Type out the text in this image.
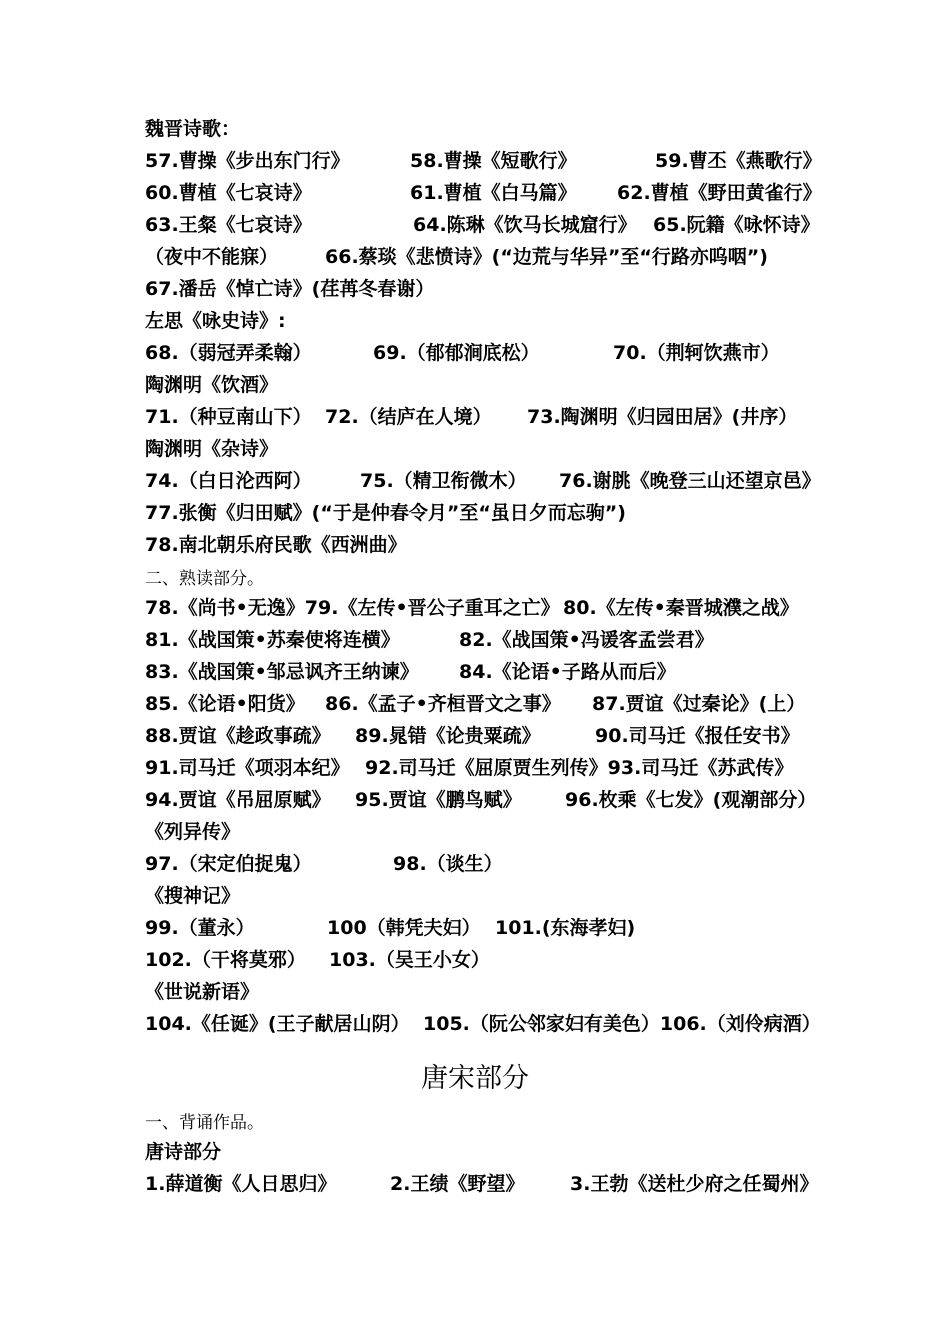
魏晋诗歌：
57.曹操《步出东门行》	58.曹操《短歌行》	59.曹丕《燕歌行》
60.曹植《七哀诗》	61.曹植《白马篇》 62.曹植《野田黄雀行》
63.王粲《七哀诗》	64.陈琳《饮马长城窟行》 65.阮籍《咏怀诗》
（夜中不能寐） 66.蔡琰《悲愤诗》(“边荒与华异”至“行路亦呜咽”)
67.潘岳《悼亡诗》(荏苒冬春谢）
左思《咏史诗》:
68.（弱冠弄柔翰）	69.（郁郁涧底松）	70.（荆轲饮燕市）
陶渊明《饮酒》
71.（种豆南山下） 72.（结庐在人境） 73.陶渊明《归园田居》(井序）
陶渊明《杂诗》
74.（白日沦西阿）	75.（精卫衔微木） 76.谢朓《晚登三山还望京邑》
77.张衡《归田赋》(“于是仲春令月”至“虽日夕而忘驹”)
78.南北朝乐府民歌《西洲曲》
二、熟读部分。
78.《尚书•无逸》79.《左传•晋公子重耳之亡》 80.《左传•秦晋城濮之战》
81.《战国策•苏秦使将连横》	82.《战国策•冯谖客孟尝君》
83.《战国策•邹忌讽齐王纳谏》 84.《论语•子路从而后》
85.《论语•阳货》 86.《孟子•齐桓晋文之事》 87.贾谊《过秦论》(上）
88.贾谊《趁政事疏》 89.晁错《论贵粟疏》	90.司马迁《报任安书》
91.司马迁《项羽本纪》 92.司马迁《屈原贾生列传》93.司马迁《苏武传》
94.贾谊《吊屈原赋》 95.贾谊《鹏鸟赋》 96.枚乘《七发》(观潮部分）
《列异传》
97.（宋定伯捉鬼）	98.（谈生）
《搜神记》
99.（董永）	100（韩凭夫妇） 101.(东海孝妇)
102.（干将莫邪） 103.（吴王小女）
《世说新语》
104.《任诞》(王子献居山阴） 105.（阮公邻家妇有美色）106.（刘伶病酒）
唐宋部分
一、背诵作品。
唐诗部分
1.薛道衡《人日思归》	2.王绩《野望》 3.王勃《送杜少府之任蜀州》
